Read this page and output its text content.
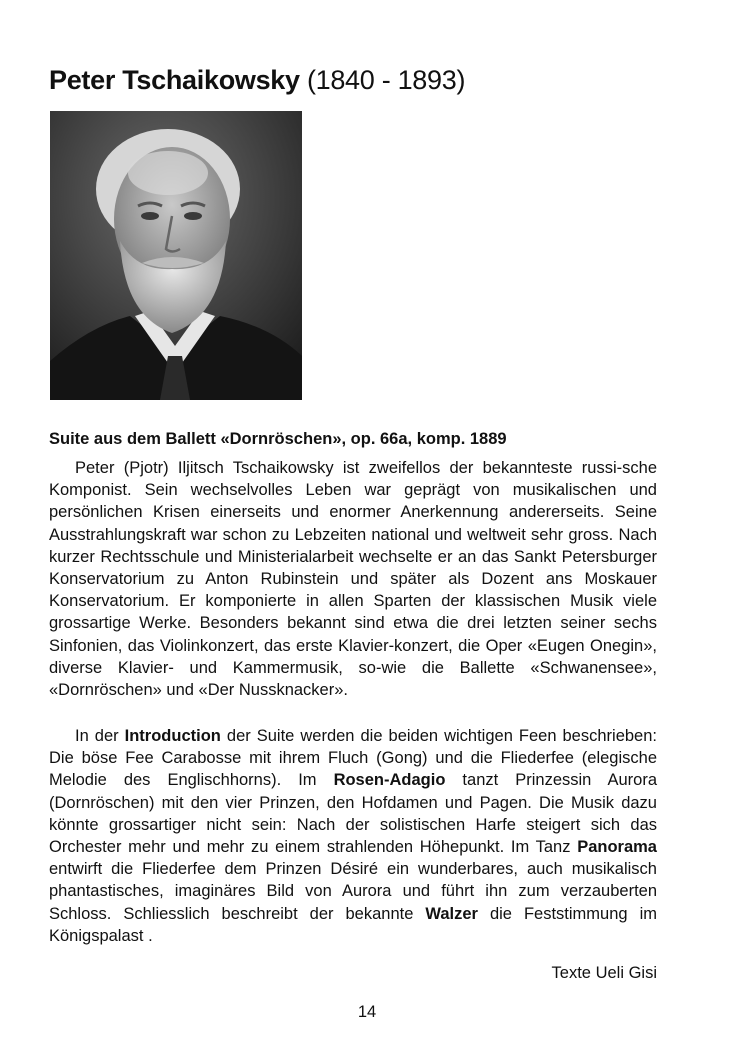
Peter Tschaikowsky (1840 - 1893)
Suite aus dem Ballett «Dornröschen», op. 66a, komp. 1889

Peter (Pjotr) Iljitsch Tschaikowsky ist zweifellos der bekannteste russi-sche Komponist. Sein wechselvolles Leben war geprägt von musikalischen und persönlichen Krisen einerseits und enormer Anerkennung andererseits. Seine Ausstrahlungskraft war schon zu Lebzeiten national und weltweit sehr gross. Nach kurzer Rechtsschule und Ministerialarbeit wechselte er an das Sankt Petersburger Konservatorium zu Anton Rubinstein und später als Dozent ans Moskauer Konservatorium. Er komponierte in allen Sparten der klassischen Musik viele grossartige Werke. Besonders bekannt sind etwa die drei letzten seiner sechs Sinfonien, das Violinkonzert, das erste Klavier-konzert, die Oper «Eugen Onegin», diverse Klavier- und Kammermusik, so-wie die Ballette «Schwanensee», «Dornröschen» und «Der Nussknacker».

In der Introduction der Suite werden die beiden wichtigen Feen beschrieben: Die böse Fee Carabosse mit ihrem Fluch (Gong) und die Fliederfee (elegische Melodie des Englischhorns). Im Rosen-Adagio tanzt Prinzessin Aurora (Dornröschen) mit den vier Prinzen, den Hofdamen und Pagen. Die Musik dazu könnte grossartiger nicht sein: Nach der solistischen Harfe steigert sich das Orchester mehr und mehr zu einem strahlenden Höhepunkt. Im Tanz Panorama entwirft die Fliederfee dem Prinzen Désiré ein wunderbares, auch musikalisch phantastisches, imaginäres Bild von Aurora und führt ihn zum verzauberten Schloss. Schliesslich beschreibt der bekannte Walzer die Feststimmung im Königspalast .

Texte Ueli Gisi
14
